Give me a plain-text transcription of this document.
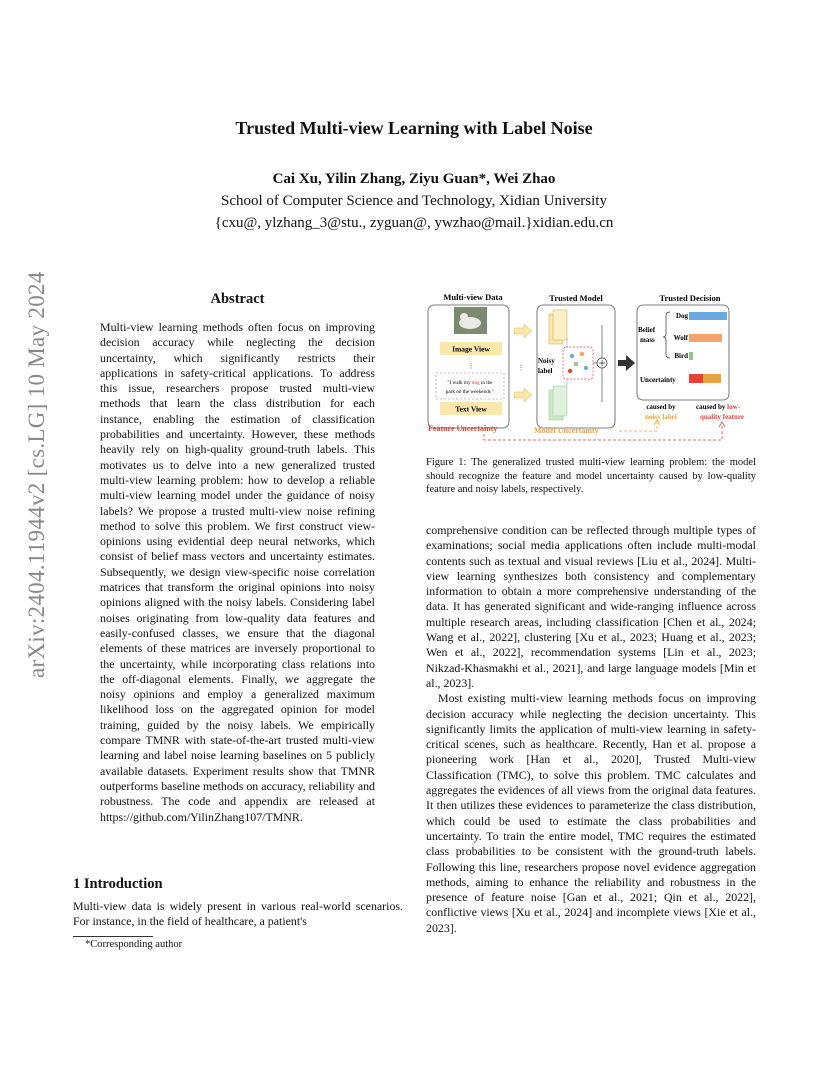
arXiv:2404.11944v2 [cs.LG] 10 May 2024
Trusted Multi-view Learning with Label Noise
Cai Xu, Yilin Zhang, Ziyu Guan*, Wei Zhao
School of Computer Science and Technology, Xidian University
{cxu@, ylzhang_3@stu., zyguan@, ywzhao@mail.}xidian.edu.cn
Abstract
Multi-view learning methods often focus on improving decision accuracy while neglecting the decision uncertainty, which significantly restricts their applications in safety-critical applications. To address this issue, researchers propose trusted multi-view methods that learn the class distribution for each instance, enabling the estimation of classification probabilities and uncertainty. However, these methods heavily rely on high-quality ground-truth labels. This motivates us to delve into a new generalized trusted multi-view learning problem: how to develop a reliable multi-view learning model under the guidance of noisy labels? We propose a trusted multi-view noise refining method to solve this problem. We first construct view-opinions using evidential deep neural networks, which consist of belief mass vectors and uncertainty estimates. Subsequently, we design view-specific noise correlation matrices that transform the original opinions into noisy opinions aligned with the noisy labels. Considering label noises originating from low-quality data features and easily-confused classes, we ensure that the diagonal elements of these matrices are inversely proportional to the uncertainty, while incorporating class relations into the off-diagonal elements. Finally, we aggregate the noisy opinions and employ a generalized maximum likelihood loss on the aggregated opinion for model training, guided by the noisy labels. We empirically compare TMNR with state-of-the-art trusted multi-view learning and label noise learning baselines on 5 publicly available datasets. Experiment results show that TMNR outperforms baseline methods on accuracy, reliability and robustness. The code and appendix are released at https://github.com/YilinZhang107/TMNR.
1 Introduction
Multi-view data is widely present in various real-world scenarios. For instance, in the field of healthcare, a patient's
*Corresponding author
Multi-view Data	Trusted Model	Trusted Decision
Image View
⋮
"I walk my dog in the
park on the weekends "
Text View
⋮
Noisy
label
Belief
mass
Dog
Wolf
Bird
Uncertainty
caused by
noisy label
caused by low-
quality feature
Feature Uncertainty	Model Uncertainty
Figure 1: The generalized trusted multi-view learning problem: the model should recognize the feature and model uncertainty caused by low-quality feature and noisy labels, respectively.

comprehensive condition can be reflected through multiple types of examinations; social media applications often include multi-modal contents such as textual and visual reviews [Liu et al., 2024]. Multi-view learning synthesizes both consistency and complementary information to obtain a more comprehensive understanding of the data. It has generated significant and wide-ranging influence across multiple research areas, including classification [Chen et al., 2024; Wang et al., 2022], clustering [Xu et al., 2023; Huang et al., 2023; Wen et al., 2022], recommendation systems [Lin et al., 2023; Nikzad-Khasmakhi et al., 2021], and large language models [Min et al., 2023].

Most existing multi-view learning methods focus on improving decision accuracy while neglecting the decision uncertainty. This significantly limits the application of multi-view learning in safety-critical scenes, such as healthcare. Recently, Han et al. propose a pioneering work [Han et al., 2020], Trusted Multi-view Classification (TMC), to solve this problem. TMC calculates and aggregates the evidences of all views from the original data features. It then utilizes these evidences to parameterize the class distribution, which could be used to estimate the class probabilities and uncertainty. To train the entire model, TMC requires the estimated class probabilities to be consistent with the ground-truth labels. Following this line, researchers propose novel evidence aggregation methods, aiming to enhance the reliability and robustness in the presence of feature noise [Gan et al., 2021; Qin et al., 2022], conflictive views [Xu et al., 2024] and incomplete views [Xie et al., 2023].
